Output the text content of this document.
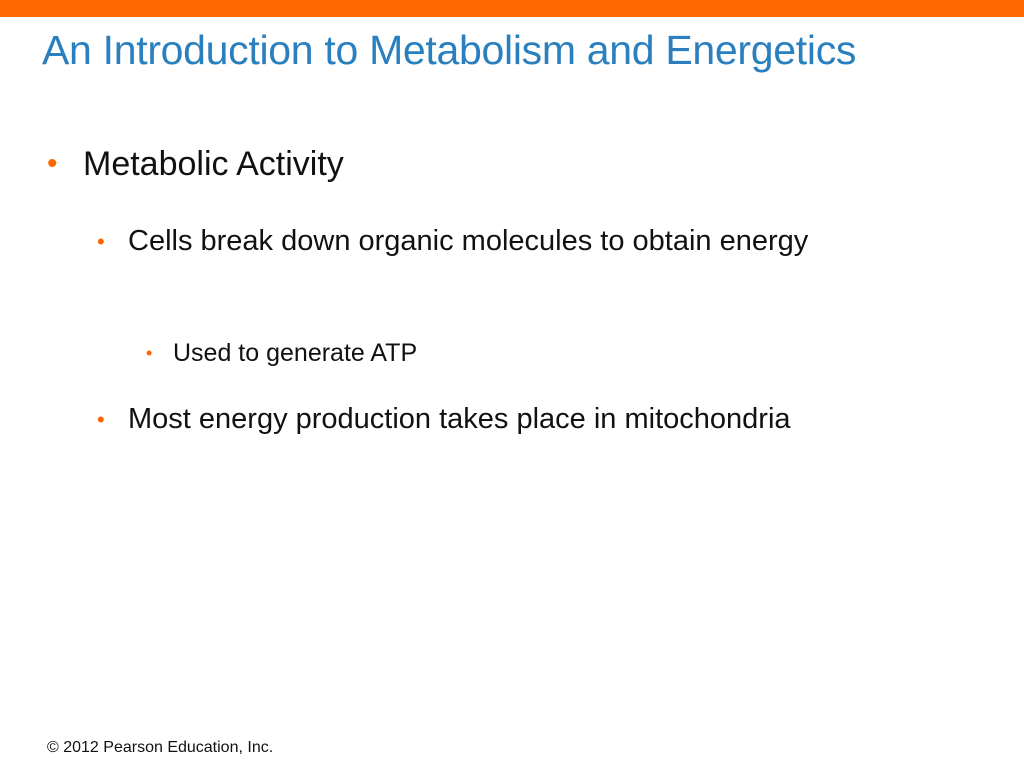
An Introduction to Metabolism and Energetics
• Metabolic Activity
• Cells break down organic molecules to obtain energy
• Used to generate ATP
• Most energy production takes place in mitochondria
© 2012 Pearson Education, Inc.
